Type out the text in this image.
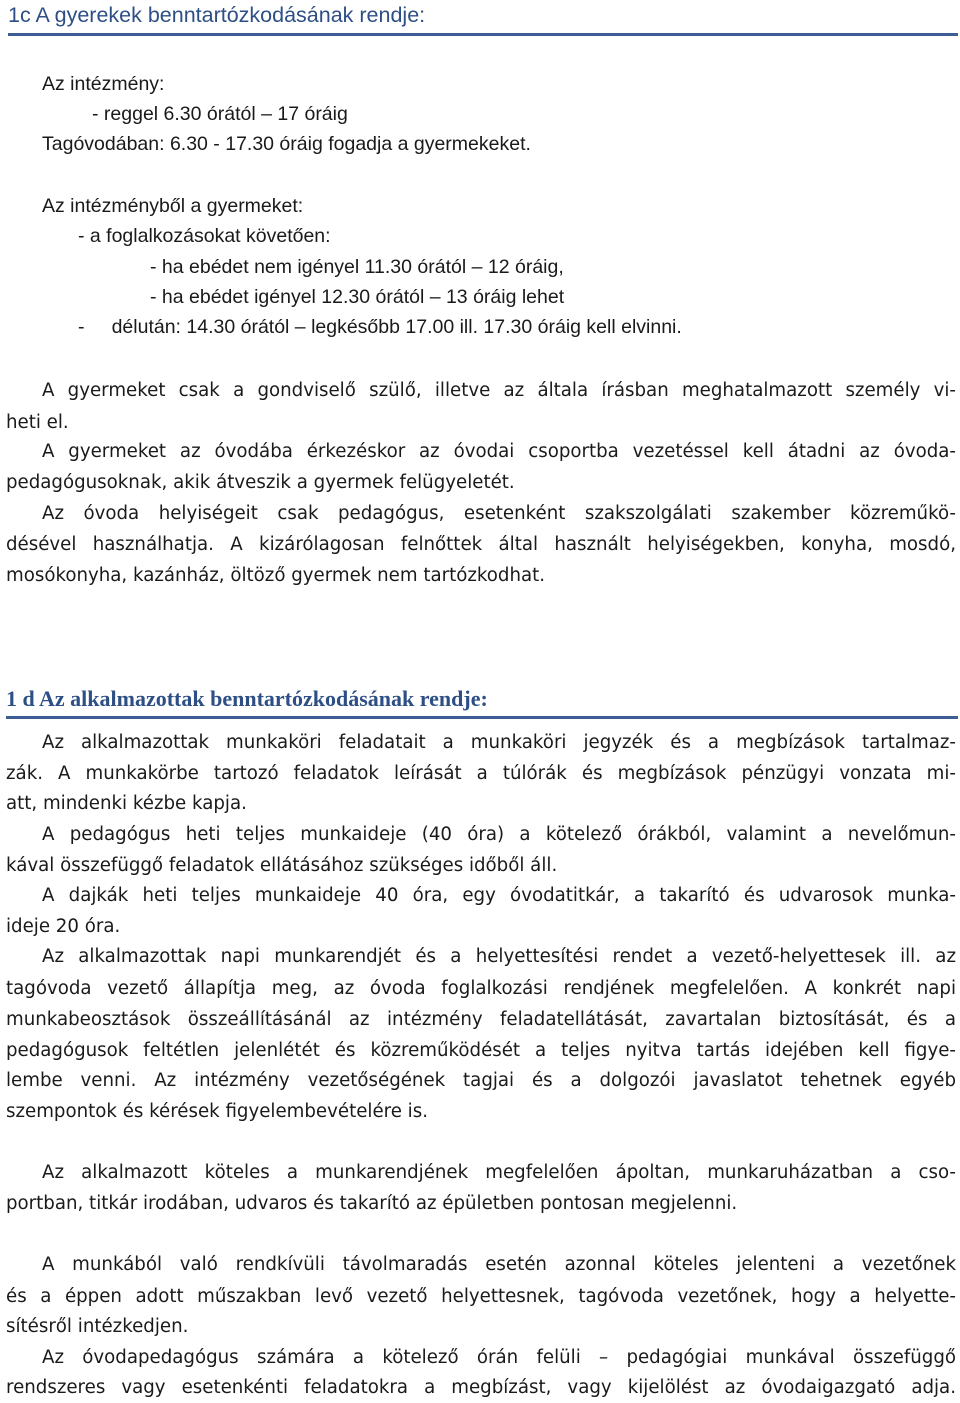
1c A gyerekek benntartózkodásának rendje:
Az intézmény:
- reggel 6.30 órától – 17 óráig
Tagóvodában: 6.30 - 17.30 óráig fogadja a gyermekeket.
Az intézményből a gyermeket:
- a foglalkozásokat követően:
- ha ebédet nem igényel 11.30 órától – 12 óráig,
- ha ebédet igényel 12.30 órától – 13 óráig lehet
-     délután: 14.30 órától – legkésőbb 17.00 ill. 17.30 óráig kell elvinni.
A gyermeket csak a gondviselő szülő, illetve az általa írásban meghatalmazott személy vi-
heti el.
A gyermeket az óvodába érkezéskor az óvodai csoportba vezetéssel kell átadni az óvoda-
pedagógusoknak, akik átveszik a gyermek felügyeletét.
Az óvoda helyiségeit csak pedagógus, esetenként szakszolgálati szakember közreműkö-
désével használhatja. A kizárólagosan felnőttek által használt helyiségekben, konyha, mosdó,
mosókonyha, kazánház, öltöző gyermek nem tartózkodhat.
1 d Az alkalmazottak benntartózkodásának rendje:
Az alkalmazottak munkaköri feladatait a munkaköri jegyzék és a megbízások tartalmaz-
zák. A munkakörbe tartozó feladatok leírását a túlórák és megbízások pénzügyi vonzata mi-
att, mindenki kézbe kapja.
A pedagógus heti teljes munkaideje (40 óra) a kötelező órákból, valamint a nevelőmun-
kával összefüggő feladatok ellátásához szükséges időből áll.
A dajkák heti teljes munkaideje 40 óra, egy óvodatitkár, a takarító és udvarosok munka-
ideje 20 óra.
Az alkalmazottak napi munkarendjét és a helyettesítési rendet a vezető-helyettesek ill. az
tagóvoda vezető állapítja meg, az óvoda foglalkozási rendjének megfelelően. A konkrét napi
munkabeosztások összeállításánál az intézmény feladatellátását, zavartalan biztosítását, és a
pedagógusok feltétlen jelenlétét és közreműködését a teljes nyitva tartás idejében kell figye-
lembe venni. Az intézmény vezetőségének tagjai és a dolgozói javaslatot tehetnek egyéb
szempontok és kérések figyelembevételére is.
Az alkalmazott köteles a munkarendjének megfelelően ápoltan, munkaruházatban a cso-
portban, titkár irodában, udvaros és takarító az épületben pontosan megjelenni.
A munkából való rendkívüli távolmaradás esetén azonnal köteles jelenteni a vezetőnek
és a éppen adott műszakban levő vezető helyettesnek, tagóvoda vezetőnek, hogy a helyette-
sítésről intézkedjen.
Az óvodapedagógus számára a kötelező órán felüli – pedagógiai munkával összefüggő
rendszeres vagy esetenkénti feladatokra a megbízást, vagy kijelölést az óvodaigazgató adja.
